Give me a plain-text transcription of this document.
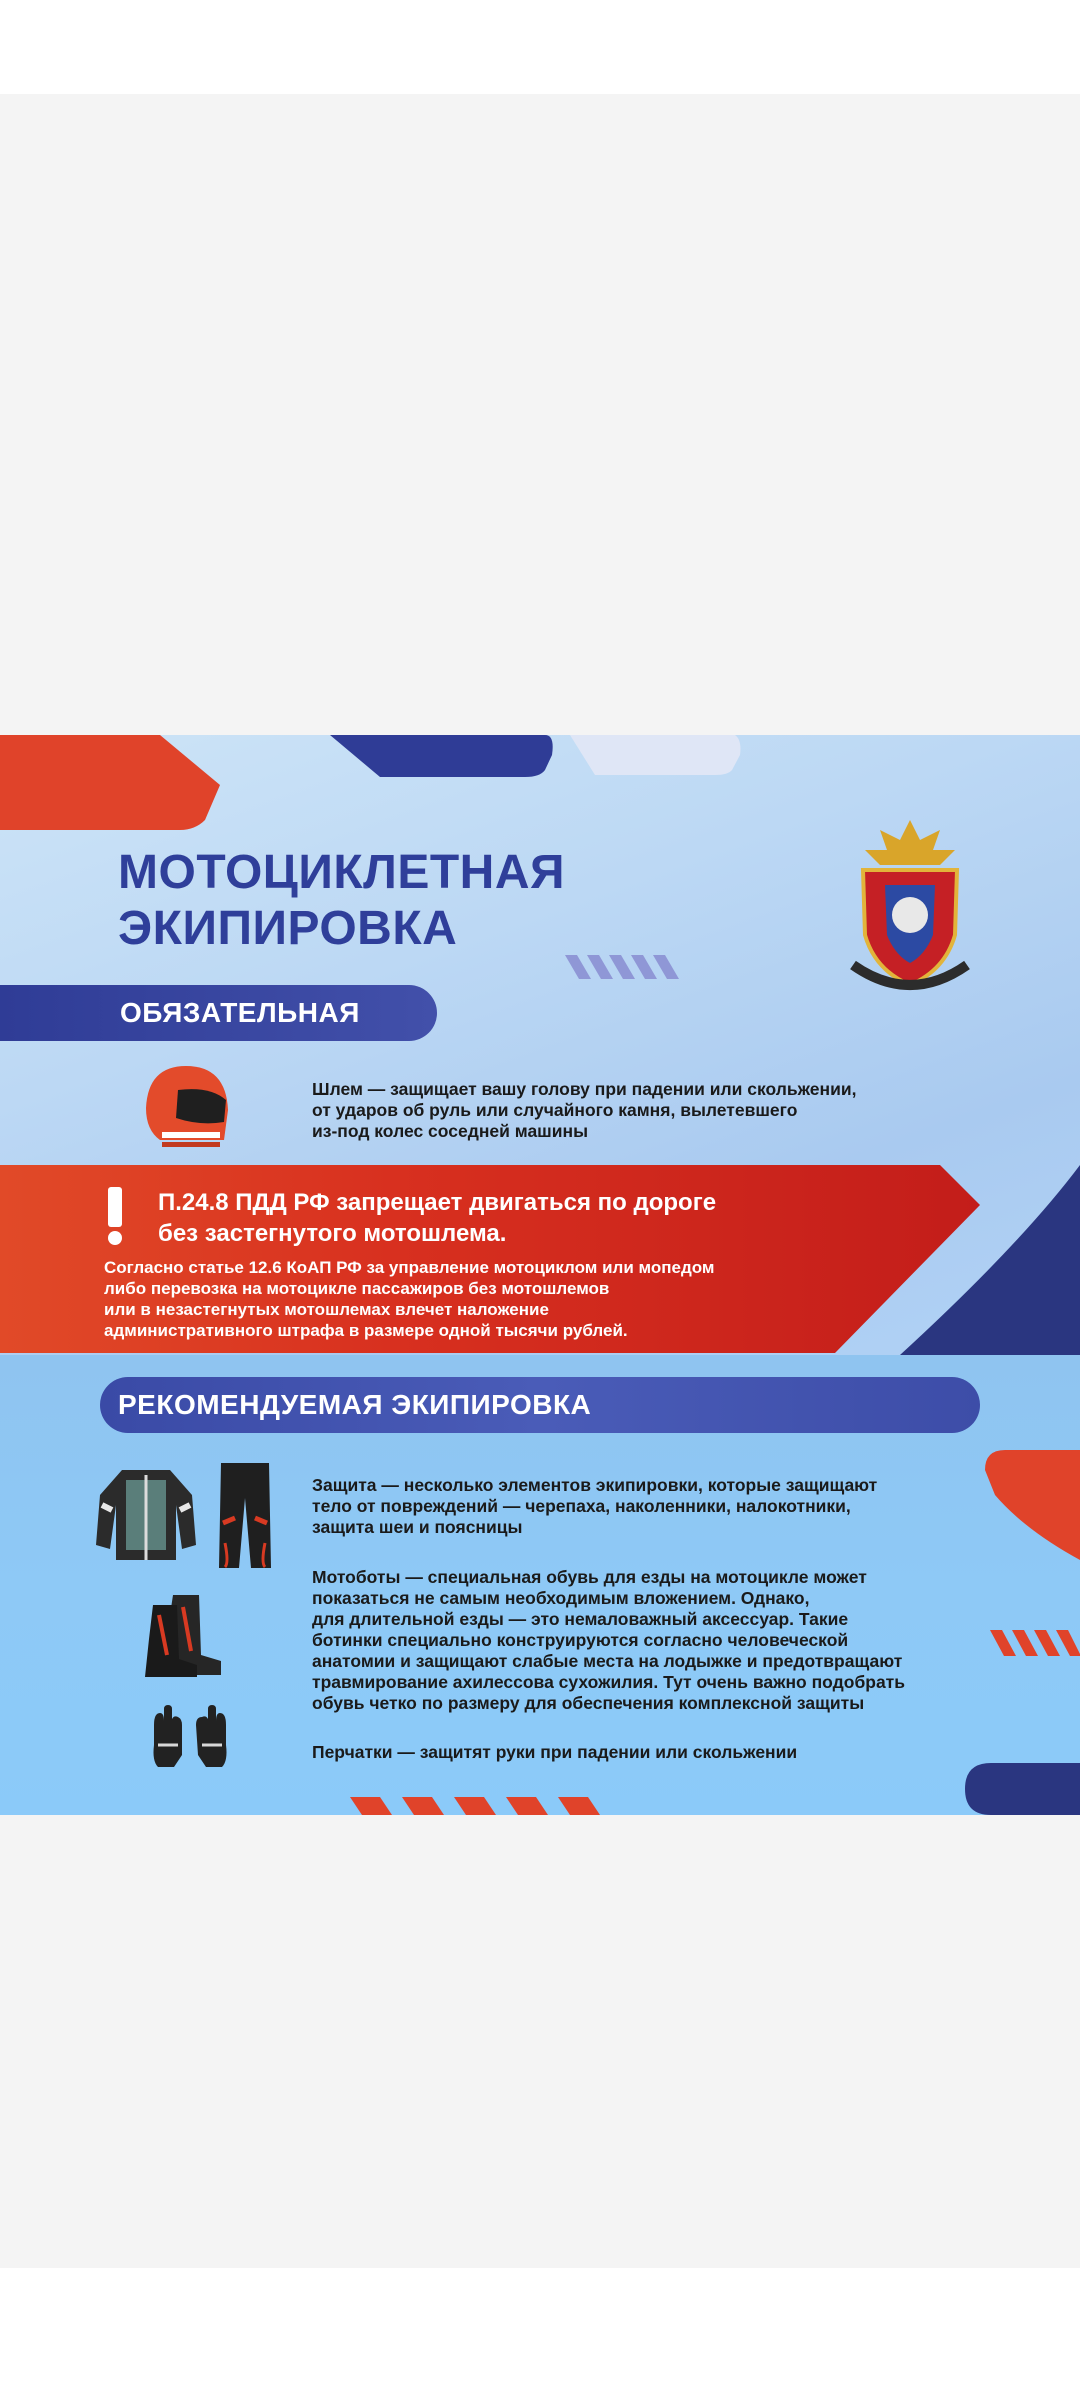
МОТОЦИКЛЕТНАЯ
ЭКИПИРОВКА
ОБЯЗАТЕЛЬНАЯ
Шлем — защищает вашу голову при падении или скольжении,
от ударов об руль или случайного камня, вылетевшего
из-под колес соседней машины
П.24.8 ПДД РФ запрещает двигаться по дороге
без застегнутого мотошлема.
Согласно статье 12.6 КоАП РФ за управление мотоциклом или мопедом
либо перевозка на мотоцикле пассажиров без мотошлемов
или в незастегнутых мотошлемах влечет наложение
административного штрафа в размере одной тысячи рублей.
РЕКОМЕНДУЕМАЯ ЭКИПИРОВКА
Защита — несколько элементов экипировки, которые защищают
тело от повреждений — черепаха, наколенники, налокотники,
защита шеи и поясницы
Мотоботы — специальная обувь для езды на мотоцикле может
показаться не самым необходимым вложением. Однако,
для длительной езды — это немаловажный аксессуар. Такие
ботинки специально конструируются согласно человеческой
анатомии и защищают слабые места на лодыжке и предотвращают
травмирование ахилессова сухожилия. Тут очень важно подобрать
обувь четко по размеру для обеспечения комплексной защиты
Перчатки — защитят руки при падении или скольжении
